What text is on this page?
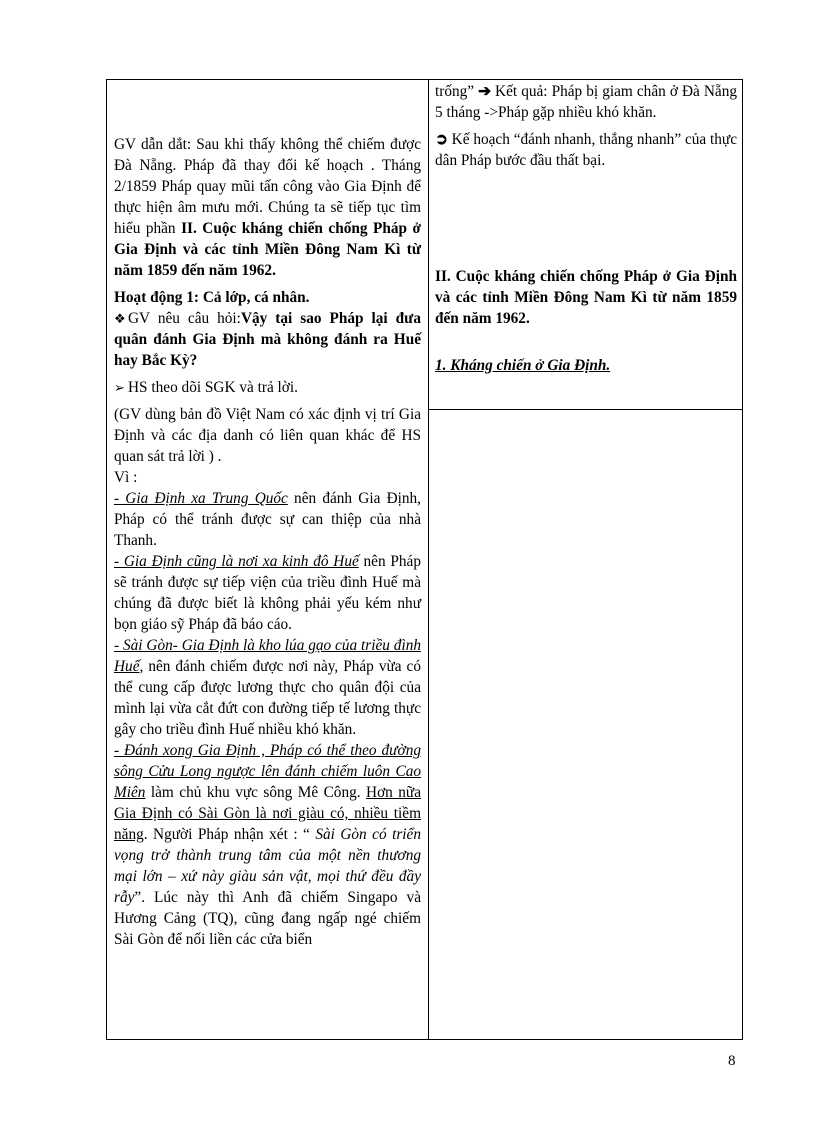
GV dẫn dắt: Sau khi thấy không thể chiếm được Đà Nẵng. Pháp đã thay đổi kế hoạch . Tháng 2/1859 Pháp quay mũi tấn công vào Gia Định để thực hiện âm mưu mới. Chúng ta sẽ tiếp tục tìm hiểu phần II. Cuộc kháng chiến chống Pháp ở Gia Định và các tỉnh Miền Đông Nam Kì từ năm 1859 đến năm 1962.

Hoạt động 1: Cả lớp, cá nhân.

❖ GV nêu câu hỏi:Vậy tại sao Pháp lại đưa quân đánh Gia Định mà không đánh ra Huế hay Bắc Kỳ?

➢ HS theo dõi SGK và trả lời.

(GV dùng bản đồ Việt Nam có xác định vị trí Gia Định và các địa danh có liên quan khác để HS quan sát trả lời ) .

Vì :

- Gia Định xa Trung Quốc nên đánh Gia Định, Pháp có thể tránh được sự can thiệp của nhà Thanh.

- Gia Định cũng là nơi xa kinh đô Huế nên Pháp sẽ tránh được sự tiếp viện của triều đình Huế mà chúng đã được biết là không phải yếu kém như bọn giáo sỹ Pháp đã báo cáo.

- Sài Gòn- Gia Định là kho lúa gạo của triều đình Huế, nên đánh chiếm được nơi này, Pháp vừa có thể cung cấp được lương thực cho quân đội của mình lại vừa cắt đứt con đường tiếp tế lương thực gây cho triều đình Huế nhiều khó khăn.

- Đánh xong Gia Định , Pháp có thể theo đường sông Cửu Long ngược lên đánh chiếm luôn Cao Miên làm chủ khu vực sông Mê Công. Hơn nữa Gia Định có Sài Gòn là nơi giàu có, nhiều tiềm năng. Người Pháp nhận xét : “ Sài Gòn có triển vọng trở thành trung tâm của một nền thương mại lớn – xứ này giàu sản vật, mọi thứ đều đầy rẫy”. Lúc này thì Anh đã chiếm Singapo và Hương Cảng (TQ), cũng đang ngấp ngé chiếm Sài Gòn để nối liền các cửa biển

trống” ➔ Kết quả: Pháp bị giam chân ở Đà Nẵng 5 tháng ->Pháp gặp nhiều khó khăn.

➲ Kế hoạch “đánh nhanh, thắng nhanh” của thực dân Pháp bước đầu thất bại.

II. Cuộc kháng chiến chống Pháp ở Gia Định và các tỉnh Miền Đông Nam Kì từ năm 1859 đến năm 1962.

1. Kháng chiến ở Gia Định.

8
